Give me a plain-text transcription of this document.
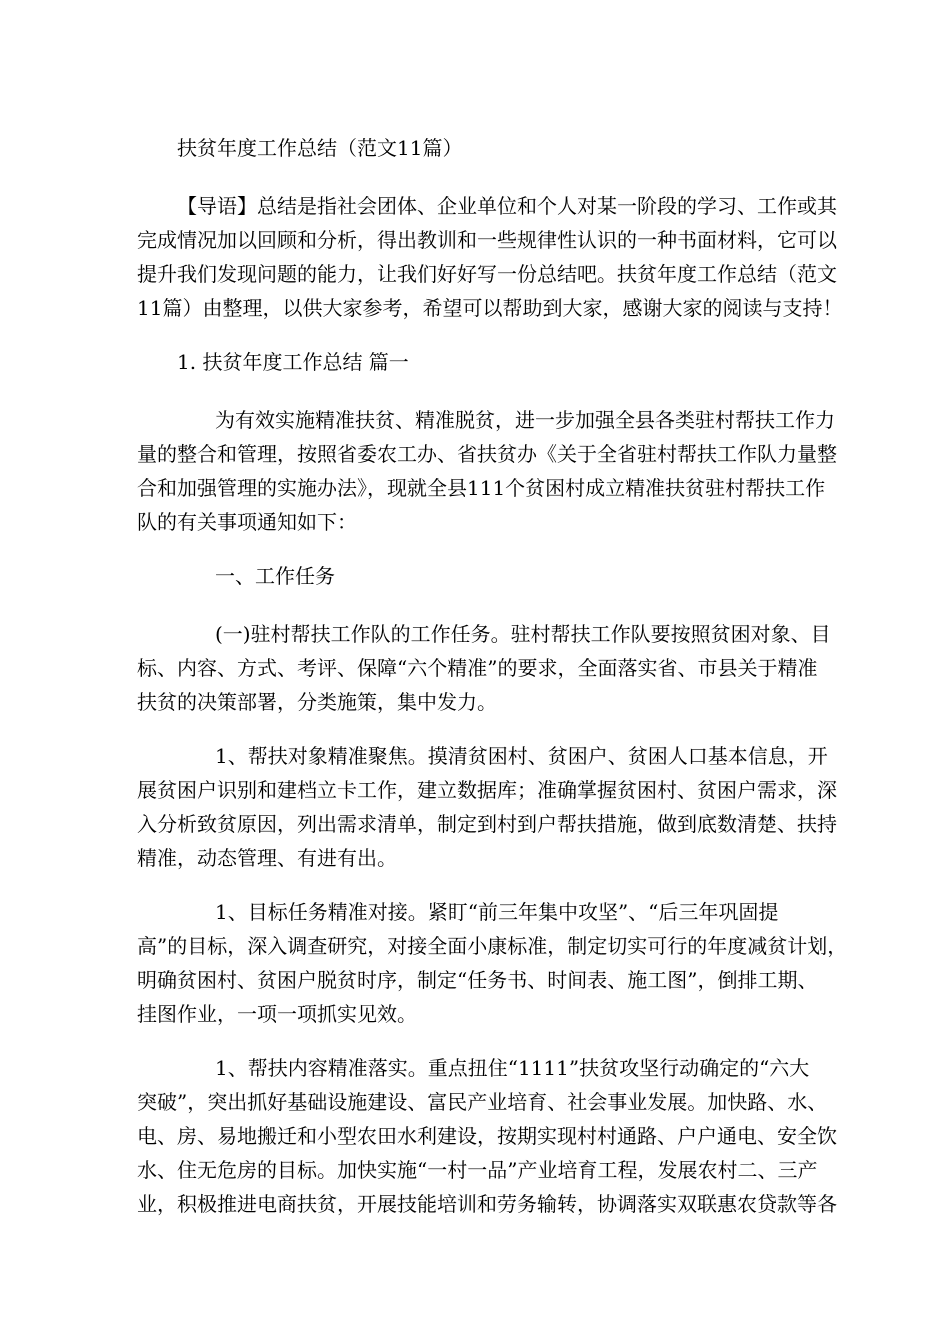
扶贫年度工作总结（范文11篇）

【导语】总结是指社会团体、企业单位和个人对某一阶段的学习、工作或其

完成情况加以回顾和分析，得出教训和一些规律性认识的一种书面材料，它可以

提升我们发现问题的能力，让我们好好写一份总结吧。扶贫年度工作总结（范文

11篇）由整理，以供大家参考，希望可以帮助到大家，感谢大家的阅读与支持！

1. 扶贫年度工作总结 篇一

为有效实施精准扶贫、精准脱贫，进一步加强全县各类驻村帮扶工作力

量的整合和管理，按照省委农工办、省扶贫办《关于全省驻村帮扶工作队力量整

合和加强管理的实施办法》，现就全县111个贫困村成立精准扶贫驻村帮扶工作

队的有关事项通知如下：

一、工作任务

(一)驻村帮扶工作队的工作任务。驻村帮扶工作队要按照贫困对象、目

标、内容、方式、考评、保障“六个精准”的要求，全面落实省、市县关于精准

扶贫的决策部署，分类施策，集中发力。

1、帮扶对象精准聚焦。摸清贫困村、贫困户、贫困人口基本信息，开

展贫困户识别和建档立卡工作，建立数据库；准确掌握贫困村、贫困户需求，深

入分析致贫原因，列出需求清单，制定到村到户帮扶措施，做到底数清楚、扶持

精准，动态管理、有进有出。

1、目标任务精准对接。紧盯“前三年集中攻坚”、“后三年巩固提

高”的目标，深入调查研究，对接全面小康标准，制定切实可行的年度减贫计划，

明确贫困村、贫困户脱贫时序，制定“任务书、时间表、施工图”，倒排工期、

挂图作业，一项一项抓实见效。

1、帮扶内容精准落实。重点扭住“1111”扶贫攻坚行动确定的“六大

突破”，突出抓好基础设施建设、富民产业培育、社会事业发展。加快路、水、

电、房、易地搬迁和小型农田水利建设，按期实现村村通路、户户通电、安全饮

水、住无危房的目标。加快实施“一村一品”产业培育工程，发展农村二、三产

业，积极推进电商扶贫，开展技能培训和劳务输转，协调落实双联惠农贷款等各
